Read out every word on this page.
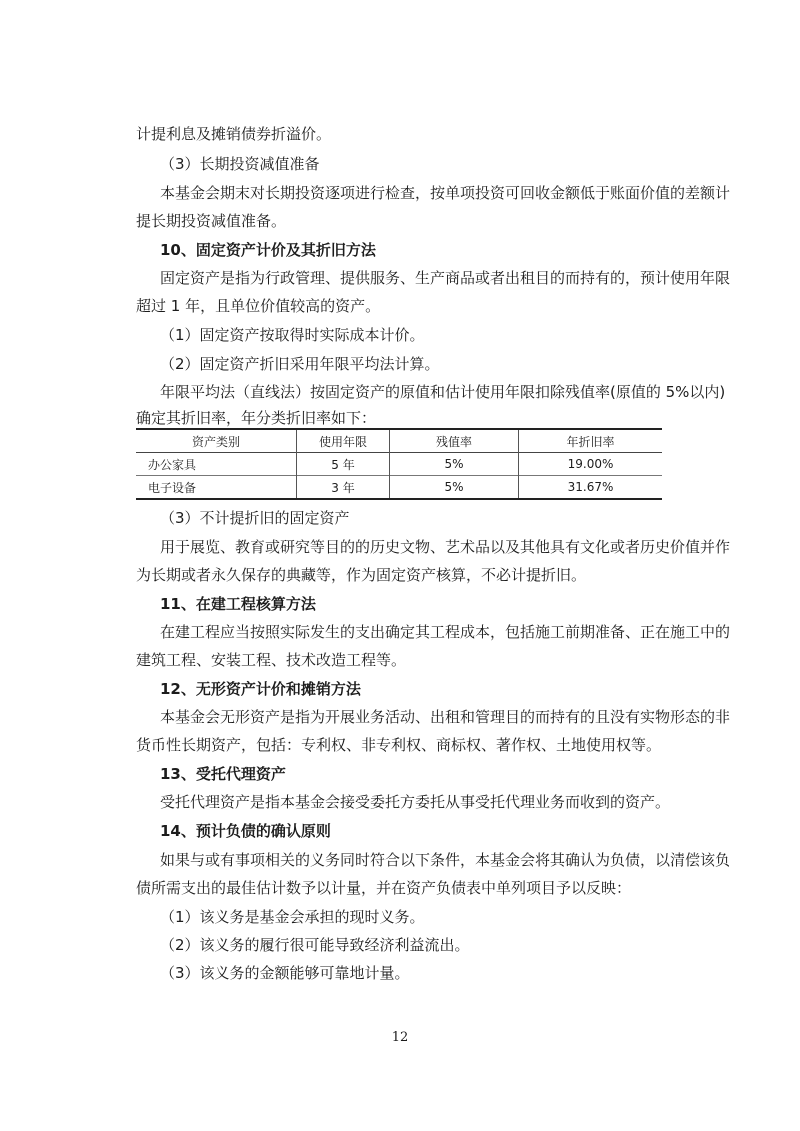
计提利息及摊销债券折溢价。
（3）长期投资减值准备
本基金会期末对长期投资逐项进行检查，按单项投资可回收金额低于账面价值的差额计
提长期投资减值准备。
10、固定资产计价及其折旧方法
固定资产是指为行政管理、提供服务、生产商品或者出租目的而持有的，预计使用年限
超过 1 年，且单位价值较高的资产。
（1）固定资产按取得时实际成本计价。
（2）固定资产折旧采用年限平均法计算。
年限平均法（直线法）按固定资产的原值和估计使用年限扣除残值率(原值的 5%以内)
确定其折旧率，年分类折旧率如下：
资产类别	使用年限	残值率	年折旧率
办公家具	5 年	5%	19.00%
电子设备	3 年	5%	31.67%
（3）不计提折旧的固定资产
用于展览、教育或研究等目的的历史文物、艺术品以及其他具有文化或者历史价值并作
为长期或者永久保存的典藏等，作为固定资产核算，不必计提折旧。
11、在建工程核算方法
在建工程应当按照实际发生的支出确定其工程成本，包括施工前期准备、正在施工中的
建筑工程、安装工程、技术改造工程等。
12、无形资产计价和摊销方法
本基金会无形资产是指为开展业务活动、出租和管理目的而持有的且没有实物形态的非
货币性长期资产，包括：专利权、非专利权、商标权、著作权、土地使用权等。
13、受托代理资产
受托代理资产是指本基金会接受委托方委托从事受托代理业务而收到的资产。
14、预计负债的确认原则
如果与或有事项相关的义务同时符合以下条件，本基金会将其确认为负债，以清偿该负
债所需支出的最佳估计数予以计量，并在资产负债表中单列项目予以反映：
（1）该义务是基金会承担的现时义务。
（2）该义务的履行很可能导致经济利益流出。
（3）该义务的金额能够可靠地计量。
12
